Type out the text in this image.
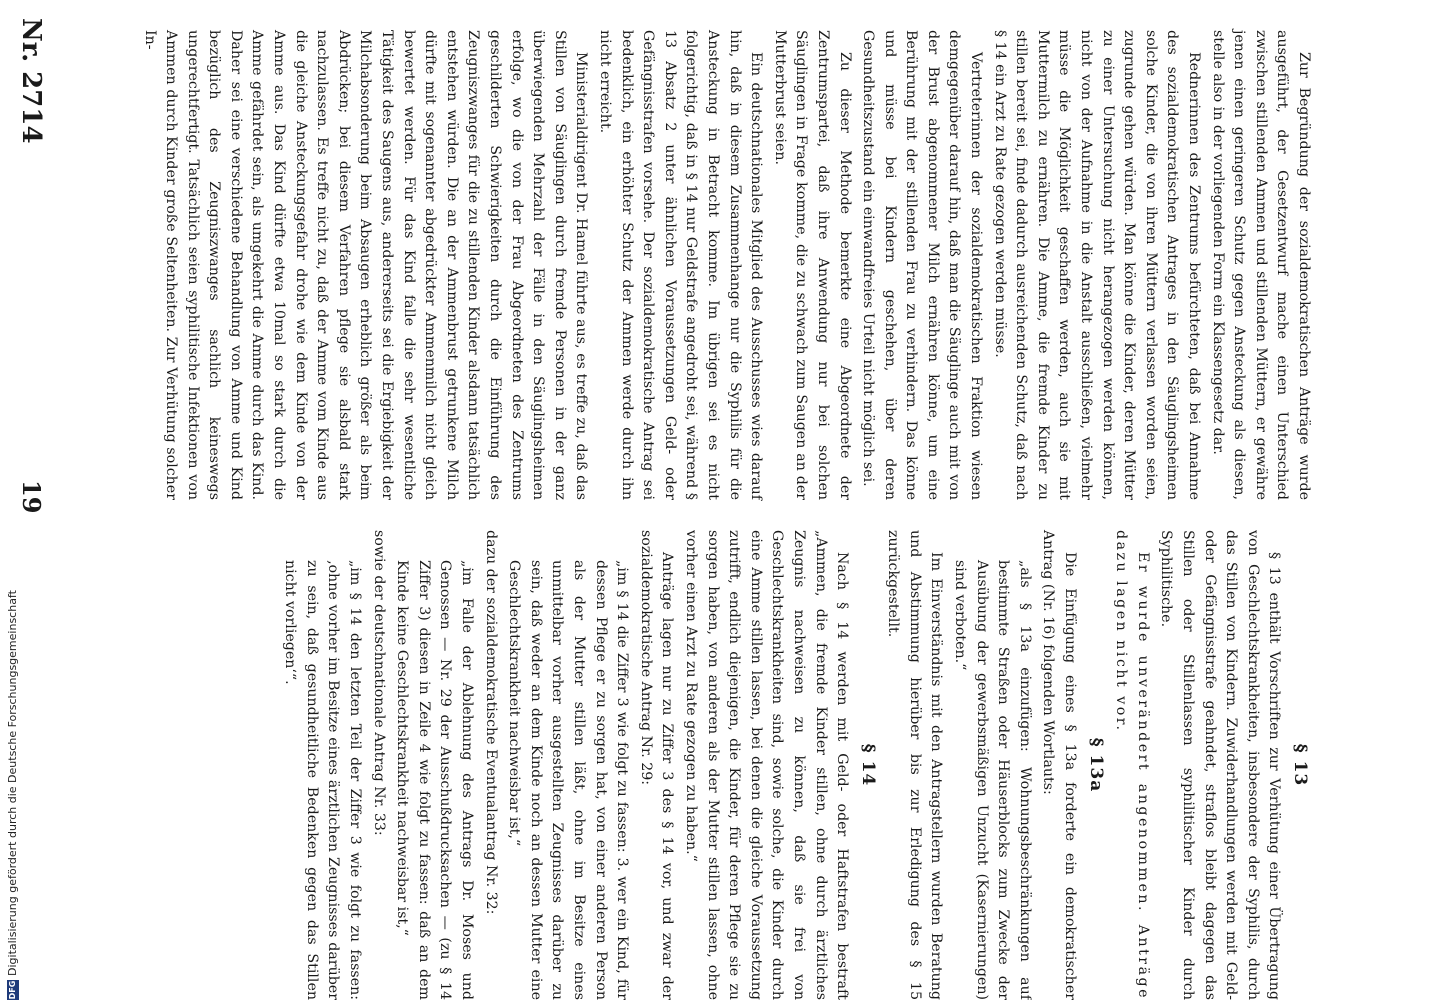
Nr. 2714
19

§ 13

§ 13 enthält Vorschriften zur Verhütung einer Übertragung von Geschlechtskrankheiten, insbesondere der Syphilis, durch das Stillen von Kindern. Zuwiderhandlungen werden mit Geld- oder Gefängnisstrafe geahndet, straflos bleibt dagegen das Stillen oder Stillenlassen syphilitischer Kinder durch Syphilitische.

Er wurde unverändert angenommen. Anträge dazu lagen nicht vor.

§ 13a

Die Einfügung eines § 13a forderte ein demokratischer Antrag (Nr. 16) folgenden Wortlauts:

„als § 13a einzufügen: Wohnungsbeschränkungen auf bestimmte Straßen oder Häuserblocks zum Zwecke der Ausübung der gewerbsmäßigen Unzucht (Kasernierungen) sind verboten.“

Im Einverständnis mit den Antragstellern wurden Beratung und Abstimmung hierüber bis zur Erledigung des § 15 zurückgestellt.

§ 14

Nach § 14 werden mit Geld- oder Haftstrafen bestraft „Ammen, die fremde Kinder stillen, ohne durch ärztliches Zeugnis nachweisen zu können, daß sie frei von Geschlechtskrankheiten sind, sowie solche, die Kinder durch eine Amme stillen lassen, bei denen die gleiche Voraussetzung zutrifft, endlich diejenigen, die Kinder, für deren Pflege sie zu sorgen haben, von anderen als der Mutter stillen lassen, ohne vorher einen Arzt zu Rate gezogen zu haben.“

Anträge lagen nur zu Ziffer 3 des § 14 vor, und zwar der sozialdemokratische Antrag Nr. 29:

„im § 14 die Ziffer 3 wie folgt zu fassen: 3. wer ein Kind, für dessen Pflege er zu sorgen hat, von einer anderen Person als der Mutter stillen läßt, ohne im Besitze eines unmittelbar vorher ausgestellten Zeugnisses darüber zu sein, daß weder an dem Kinde noch an dessen Mutter eine Geschlechtskrankheit nachweisbar ist,“

dazu der sozialdemokratische Eventualantrag Nr. 32:

„im Falle der Ablehnung des Antrags Dr. Moses und Genossen — Nr. 29 der Ausschußdrucksachen — (zu § 14 Ziffer 3) diesen in Zeile 4 wie folgt zu fassen: daß an dem Kinde keine Geschlechtskrankheit nachweisbar ist,“

sowie der deutschnationale Antrag Nr. 33:

„im § 14 den letzten Teil der Ziffer 3 wie folgt zu fassen: ‚ohne vorher im Besitze eines ärztlichen Zeugnisses darüber zu sein, daß gesundheitliche Bedenken gegen das Stillen nicht vorliegen‘“.

Zur Begründung der sozialdemokratischen Anträge wurde ausgeführt, der Gesetzentwurf mache einen Unterschied zwischen stillenden Ammen und stillenden Müttern, er gewähre jenen einen geringeren Schutz gegen Ansteckung als diesen, stelle also in der vorliegenden Form ein Klassengesetz dar.

Rednerinnen des Zentrums befürchteten, daß bei Annahme des sozialdemokratischen Antrages in den Säuglingsheimen solche Kinder, die von ihren Müttern verlassen worden seien, zugrunde gehen würden. Man könne die Kinder, deren Mütter zu einer Untersuchung nicht herangezogen werden können, nicht von der Aufnahme in die Anstalt ausschließen, vielmehr müsse die Möglichkeit geschaffen werden, auch sie mit Muttermilch zu ernähren. Die Amme, die fremde Kinder zu stillen bereit sei, finde dadurch ausreichenden Schutz, daß nach § 14 ein Arzt zu Rate gezogen werden müsse.

Vertreterinnen der sozialdemokratischen Fraktion wiesen demgegenüber darauf hin, daß man die Säuglinge auch mit von der Brust abgenommener Milch ernähren könne, um eine Berührung mit der stillenden Frau zu verhindern. Das könne und müsse bei Kindern geschehen, über deren Gesundheitszustand ein einwandfreies Urteil nicht möglich sei.

Zu dieser Methode bemerkte eine Abgeordnete der Zentrumspartei, daß ihre Anwendung nur bei solchen Säuglingen in Frage komme, die zu schwach zum Saugen an der Mutterbrust seien.

Ein deutschnationales Mitglied des Ausschusses wies darauf hin, daß in diesem Zusammenhange nur die Syphilis für die Ansteckung in Betracht komme. Im übrigen sei es nicht folgerichtig, daß in § 14 nur Geldstrafe angedroht sei, während § 13 Absatz 2 unter ähnlichen Voraussetzungen Geld- oder Gefängnisstrafen vorsehe. Der sozialdemokratische Antrag sei bedenklich, ein erhöhter Schutz der Ammen werde durch ihn nicht erreicht.

Ministerialdirigent Dr. Hamel führte aus, es treffe zu, daß das Stillen von Säuglingen durch fremde Personen in der ganz überwiegenden Mehrzahl der Fälle in den Säuglingsheimen erfolge, wo die von der Frau Abgeordneten des Zentrums geschilderten Schwierigkeiten durch die Einführung des Zeugniszwanges für die zu stillenden Kinder alsdann tatsächlich entstehen würden. Die an der Ammenbrust getrunkene Milch dürfte mit sogenannter abgedrückter Ammenmilch nicht gleich bewertet werden. Für das Kind falle die sehr wesentliche Tätigkeit des Saugens aus, andererseits sei die Ergiebigkeit der Milchabsonderung beim Absaugen erheblich größer als beim Abdrücken; bei diesem Verfahren pflege sie alsbald stark nachzulassen. Es treffe nicht zu, daß der Amme vom Kinde aus die gleiche Ansteckungsgefahr drohe wie dem Kinde von der Amme aus. Das Kind dürfte etwa 10mal so stark durch die Amme gefährdet sein, als umgekehrt die Amme durch das Kind. Daher sei eine verschiedene Behandlung von Amme und Kind bezüglich des Zeugniszwanges sachlich keineswegs ungerechtfertigt. Tatsächlich seien syphilitische Infektionen von Ammen durch Kinder große Seltenheiten. Zur Verhütung solcher In-

DFGDigitalisierung gefördert durch die Deutsche Forschungsgemeinschaft
